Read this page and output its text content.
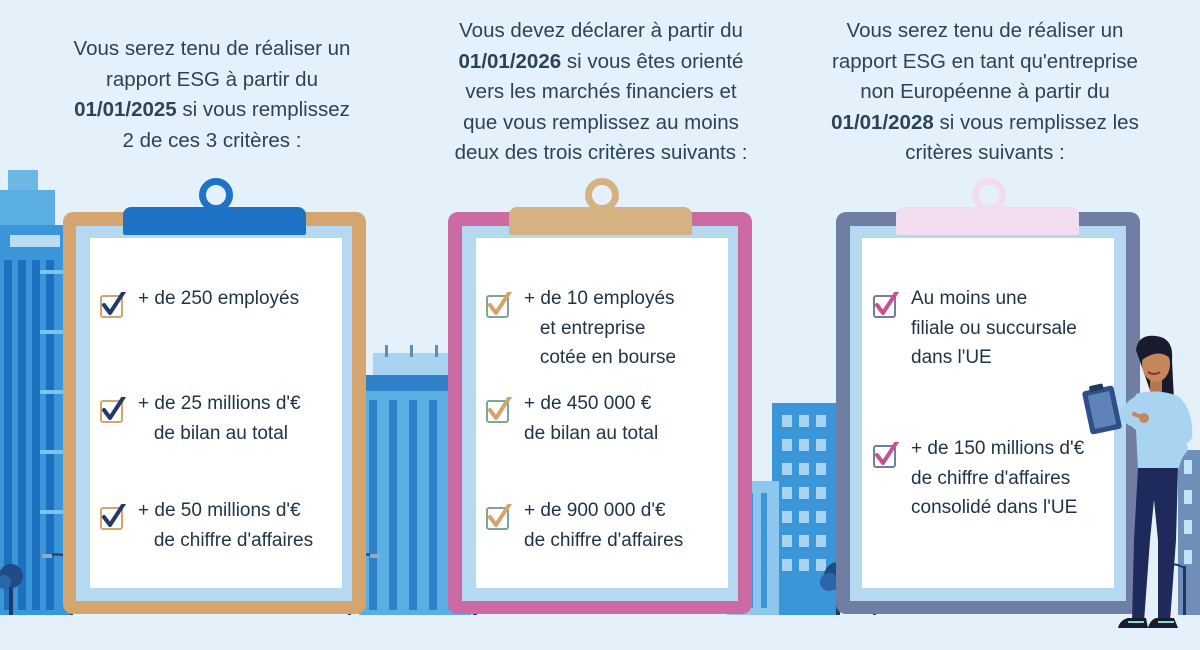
Vous serez tenu de réaliser un
rapport ESG à partir du
01/01/2025 si vous remplissez
2 de ces 3 critères :
Vous devez déclarer à partir du
01/01/2026 si vous êtes orienté
vers les marchés financiers et
que vous remplissez au moins
deux des trois critères suivants :
Vous serez tenu de réaliser un
rapport ESG en tant qu'entreprise
non Européenne à partir du
01/01/2028 si vous remplissez les
critères suivants :
+ de 250 employés
+ de 25 millions d'€
de bilan au total
+ de 50 millions d'€
de chiffre d'affaires
+ de 10 employés
et entreprise
cotée en bourse
+ de 450 000 €
de bilan au total
+ de 900 000 d'€
de chiffre d'affaires
Au moins une
filiale ou succursale
dans l'UE
+ de 150 millions d'€
de chiffre d'affaires
consolidé dans l'UE
